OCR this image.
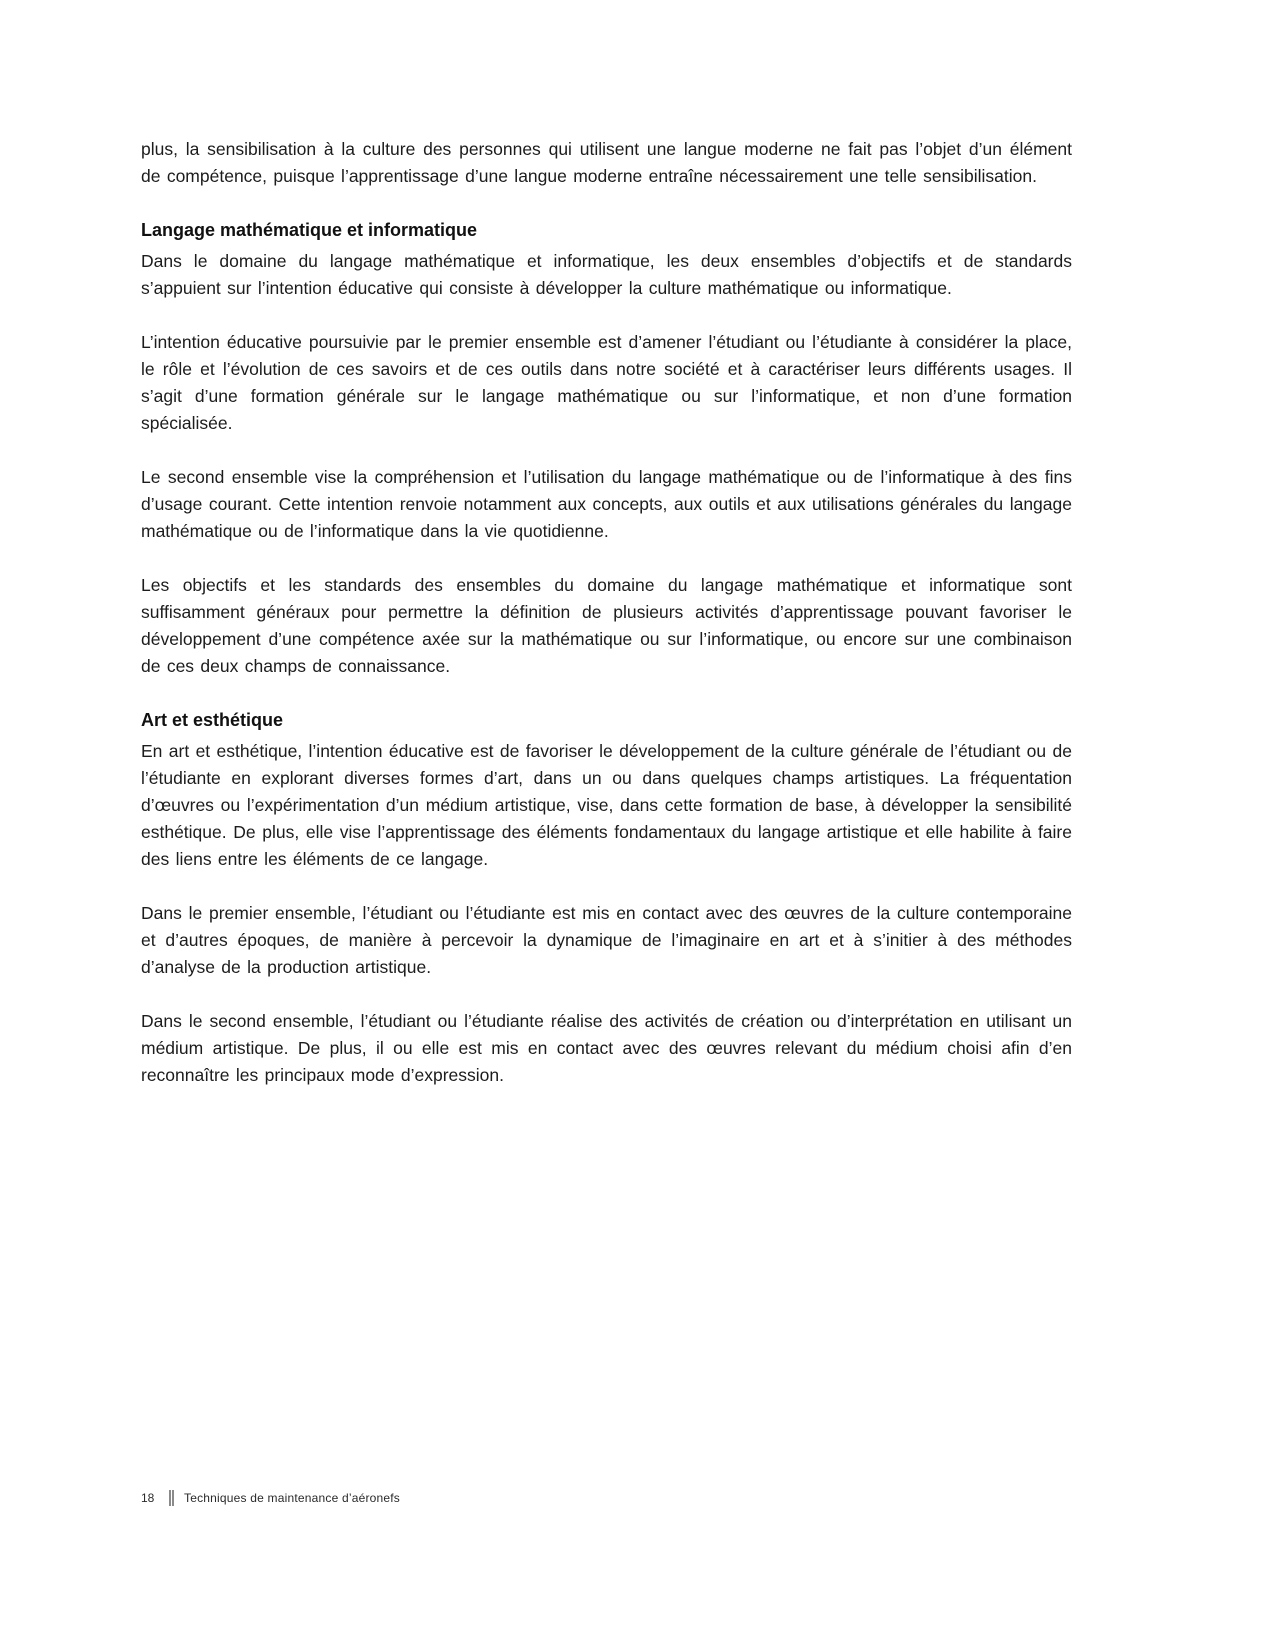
plus, la sensibilisation à la culture des personnes qui utilisent une langue moderne ne fait pas l’objet d’un élément de compétence, puisque l’apprentissage d’une langue moderne entraîne nécessairement une telle sensibilisation.

Langage mathématique et informatique

Dans le domaine du langage mathématique et informatique, les deux ensembles d’objectifs et de standards s’appuient sur l’intention éducative qui consiste à développer la culture mathématique ou informatique.

L’intention éducative poursuivie par le premier ensemble est d’amener l’étudiant ou l’étudiante à considérer la place, le rôle et l’évolution de ces savoirs et de ces outils dans notre société et à caractériser leurs différents usages. Il s’agit d’une formation générale sur le langage mathématique ou sur l’informatique, et non d’une formation spécialisée.

Le second ensemble vise la compréhension et l’utilisation du langage mathématique ou de l’informatique à des fins d’usage courant. Cette intention renvoie notamment aux concepts, aux outils et aux utilisations générales du langage mathématique ou de l’informatique dans la vie quotidienne.

Les objectifs et les standards des ensembles du domaine du langage mathématique et informatique sont suffisamment généraux pour permettre la définition de plusieurs activités d’apprentissage pouvant favoriser le développement d’une compétence axée sur la mathématique ou sur l’informatique, ou encore sur une combinaison de ces deux champs de connaissance.

Art et esthétique

En art et esthétique, l’intention éducative est de favoriser le développement de la culture générale de l’étudiant ou de l’étudiante en explorant diverses formes d’art, dans un ou dans quelques champs artistiques. La fréquentation d’œuvres ou l’expérimentation d’un médium artistique, vise, dans cette formation de base, à développer la sensibilité esthétique. De plus, elle vise l’apprentissage des éléments fondamentaux du langage artistique et elle habilite à faire des liens entre les éléments de ce langage.

Dans le premier ensemble, l’étudiant ou l’étudiante est mis en contact avec des œuvres de la culture contemporaine et d’autres époques, de manière à percevoir la dynamique de l’imaginaire en art et à s’initier à des méthodes d’analyse de la production artistique.

Dans le second ensemble, l’étudiant ou l’étudiante réalise des activités de création ou d’interprétation en utilisant un médium artistique. De plus, il ou elle est mis en contact avec des œuvres relevant du médium choisi afin d’en reconnaître les principaux mode d’expression.

18	Techniques de maintenance d’aéronefs
